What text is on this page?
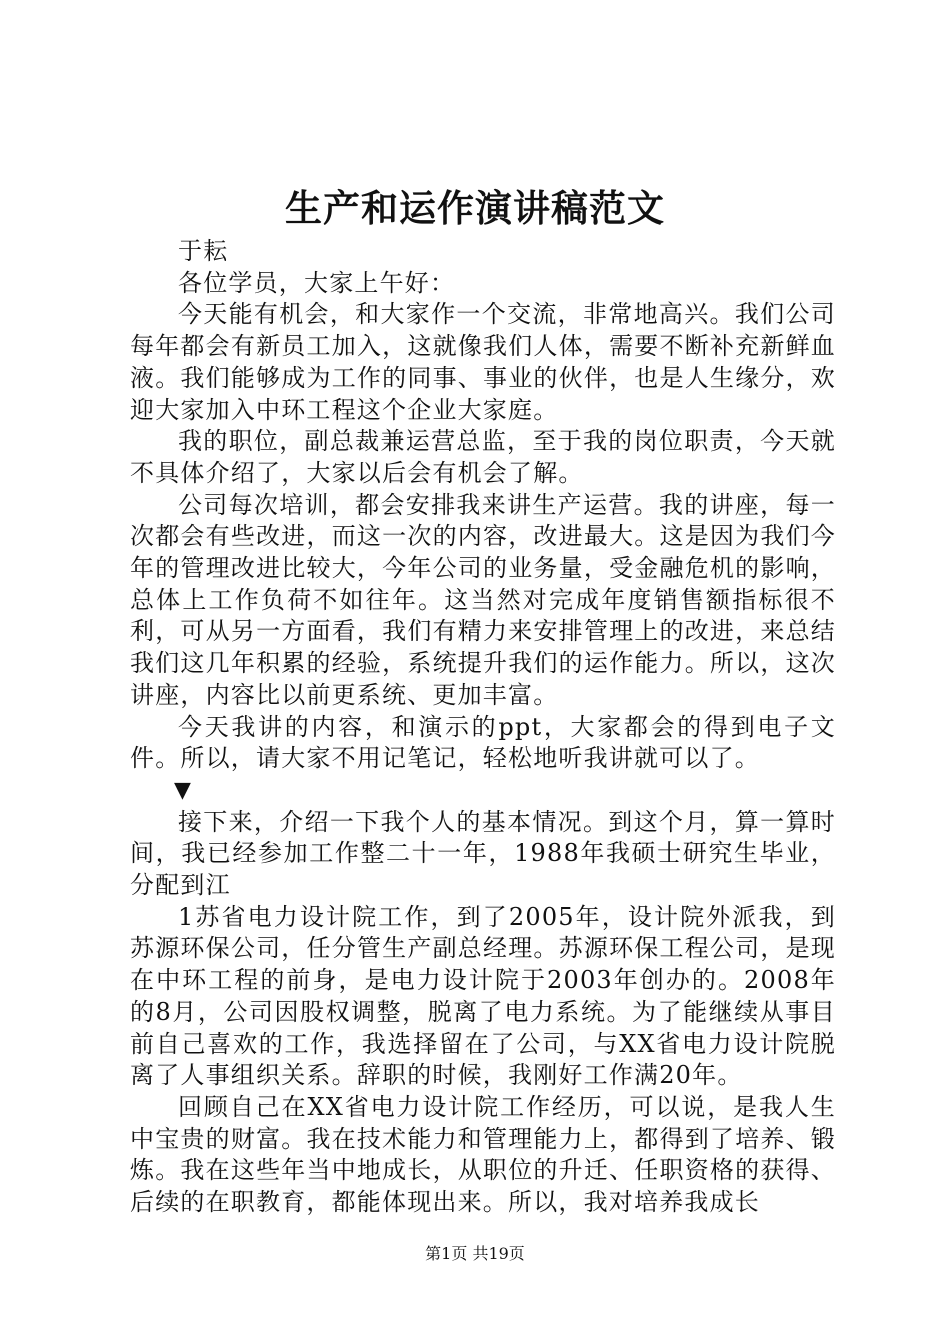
生产和运作演讲稿范文

于耘

各位学员，大家上午好：

今天能有机会，和大家作一个交流，非常地高兴。我们公司每年都会有新员工加入，这就像我们人体，需要不断补充新鲜血液。我们能够成为工作的同事、事业的伙伴，也是人生缘分，欢迎大家加入中环工程这个企业大家庭。

我的职位，副总裁兼运营总监，至于我的岗位职责，今天就不具体介绍了，大家以后会有机会了解。

公司每次培训，都会安排我来讲生产运营。我的讲座，每一次都会有些改进，而这一次的内容，改进最大。这是因为我们今年的管理改进比较大，今年公司的业务量，受金融危机的影响，总体上工作负荷不如往年。这当然对完成年度销售额指标很不利，可从另一方面看，我们有精力来安排管理上的改进，来总结我们这几年积累的经验，系统提升我们的运作能力。所以，这次讲座，内容比以前更系统、更加丰富。

今天我讲的内容，和演示的ppt，大家都会的得到电子文件。所以，请大家不用记笔记，轻松地听我讲就可以了。

▼

接下来，介绍一下我个人的基本情况。到这个月，算一算时间，我已经参加工作整二十一年，1988年我硕士研究生毕业，分配到江

1苏省电力设计院工作，到了2005年，设计院外派我，到苏源环保公司，任分管生产副总经理。苏源环保工程公司，是现在中环工程的前身，是电力设计院于2003年创办的。2008年的8月，公司因股权调整，脱离了电力系统。为了能继续从事目前自己喜欢的工作，我选择留在了公司，与XX省电力设计院脱离了人事组织关系。辞职的时候，我刚好工作满20年。

回顾自己在XX省电力设计院工作经历，可以说，是我人生中宝贵的财富。我在技术能力和管理能力上，都得到了培养、锻炼。我在这些年当中地成长，从职位的升迁、任职资格的获得、后续的在职教育，都能体现出来。所以，我对培养我成长

第1页 共19页
